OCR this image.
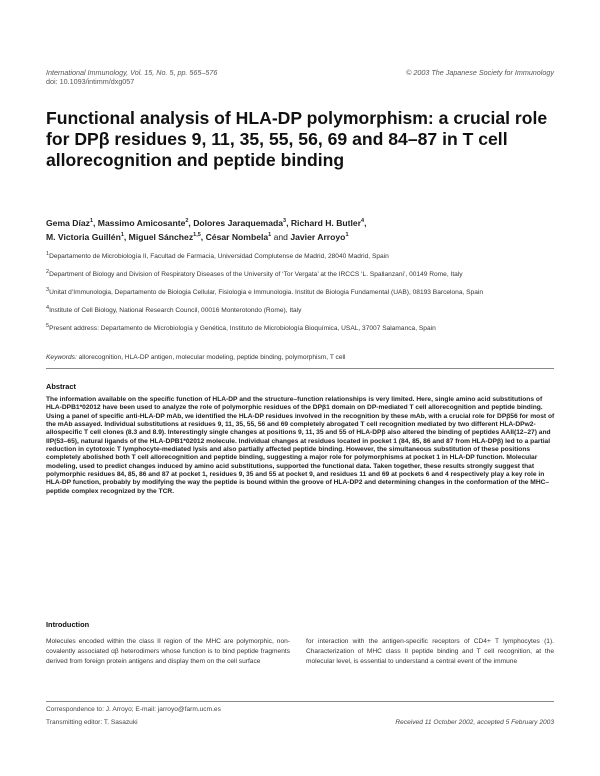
International Immunology, Vol. 15, No. 5, pp. 565–576
doi: 10.1093/intimm/dxg057
© 2003 The Japanese Society for Immunology
Functional analysis of HLA-DP polymorphism: a crucial role for DPβ residues 9, 11, 35, 55, 56, 69 and 84–87 in T cell allorecognition and peptide binding
Gema Díaz$^1$, Massimo Amicosante$^2$, Dolores Jaraquemada$^3$, Richard H. Butler$^4$,
M. Victoria Guillén$^1$, Miguel Sánchez$^{1,5}$, César Nombela$^1$ and Javier Arroyo$^1$
$^1$Departamento de Microbiología II, Facultad de Farmacia, Universidad Complutense de Madrid, 28040 Madrid, Spain
$^2$Department of Biology and Division of Respiratory Diseases of the University of ‘Tor Vergata’ at the IRCCS ‘L. Spallanzani’, 00149 Rome, Italy
$^3$Unitat d’Immunologia, Departamento de Biologia Cellular, Fisiologia e Immunologia. Institut de Biologia Fundamental (UAB), 08193 Barcelona, Spain
$^4$Institute of Cell Biology, National Research Council, 00016 Monterotondo (Rome), Italy
$^5$Present address: Departamento de Microbiología y Genética, Instituto de Microbiología Bioquímica, USAL, 37007 Salamanca, Spain
Keywords: allorecognition, HLA-DP antigen, molecular modeling, peptide binding, polymorphism, T cell
Abstract
The information available on the specific function of HLA-DP and the structure–function relationships is very limited. Here, single amino acid substitutions of HLA-DPB1*02012 have been used to analyze the role of polymorphic residues of the DPβ1 domain on DP-mediated T cell allorecognition and peptide binding. Using a panel of specific anti-HLA-DP mAb, we identified the HLA-DP residues involved in the recognition by these mAb, with a crucial role for DPβ56 for most of the mAb assayed. Individual substitutions at residues 9, 11, 35, 55, 56 and 69 completely abrogated T cell recognition mediated by two different HLA-DPw2-allospecific T cell clones (8.3 and 8.9). Interestingly single changes at positions 9, 11, 35 and 55 of HLA-DPβ also altered the binding of peptides AAII(12–27) and IIP(53–65), natural ligands of the HLA-DPB1*02012 molecule. Individual changes at residues located in pocket 1 (84, 85, 86 and 87 from HLA-DPβ) led to a partial reduction in cytotoxic T lymphocyte-mediated lysis and also partially affected peptide binding. However, the simultaneous substitution of these positions completely abolished both T cell allorecognition and peptide binding, suggesting a major role for polymorphisms at pocket 1 in HLA-DP function. Molecular modeling, used to predict changes induced by amino acid substitutions, supported the functional data. Taken together, these results strongly suggest that polymorphic residues 84, 85, 86 and 87 at pocket 1, residues 9, 35 and 55 at pocket 9, and residues 11 and 69 at pockets 6 and 4 respectively play a key role in HLA-DP function, probably by modifying the way the peptide is bound within the groove of HLA-DP2 and determining changes in the conformation of the MHC–peptide complex recognized by the TCR.
Introduction
Molecules encoded within the class II region of the MHC are polymorphic, non-covalently associated αβ heterodimers whose function is to bind peptide fragments derived from foreign protein antigens and display them on the cell surface
for interaction with the antigen-specific receptors of CD4+ T lymphocytes (1). Characterization of MHC class II peptide binding and T cell recognition, at the molecular level, is essential to understand a central event of the immune
Correspondence to: J. Arroyo; E-mail: jarroyo@farm.ucm.es
Transmitting editor: T. Sasazuki	Received 11 October 2002, accepted 5 February 2003
